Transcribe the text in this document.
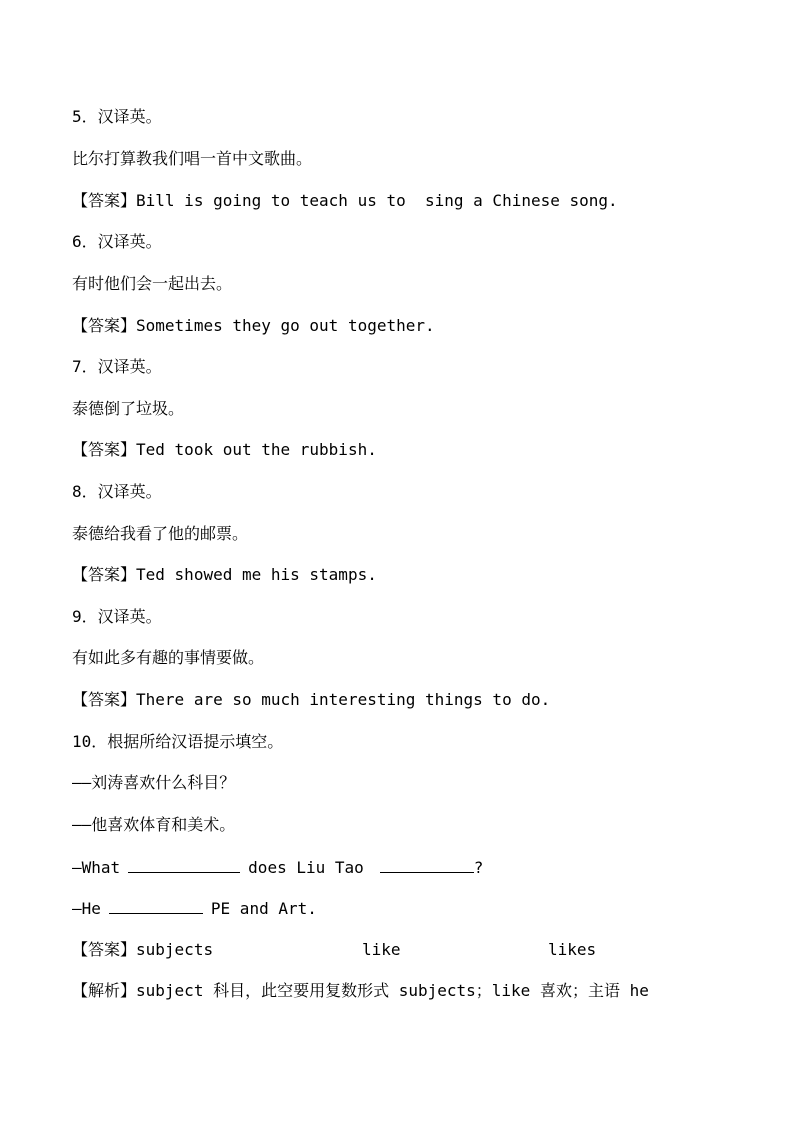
5．汉译英。
比尔打算教我们唱一首中文歌曲。
【答案】Bill is going to teach us to  sing a Chinese song.
6．汉译英。
有时他们会一起出去。
【答案】Sometimes they go out together.
7．汉译英。
泰德倒了垃圾。
【答案】Ted took out the rubbish.
8．汉译英。
泰德给我看了他的邮票。
【答案】Ted showed me his stamps.
9．汉译英。
有如此多有趣的事情要做。
【答案】There are so much interesting things to do.
10．根据所给汉语提示填空。
——刘涛喜欢什么科目？
——他喜欢体育和美术。
—What	does Liu Tao	?
—He	PE and Art.
【答案】subjects	like	likes
【解析】subject 科目，此空要用复数形式 subjects；like 喜欢；主语 he
